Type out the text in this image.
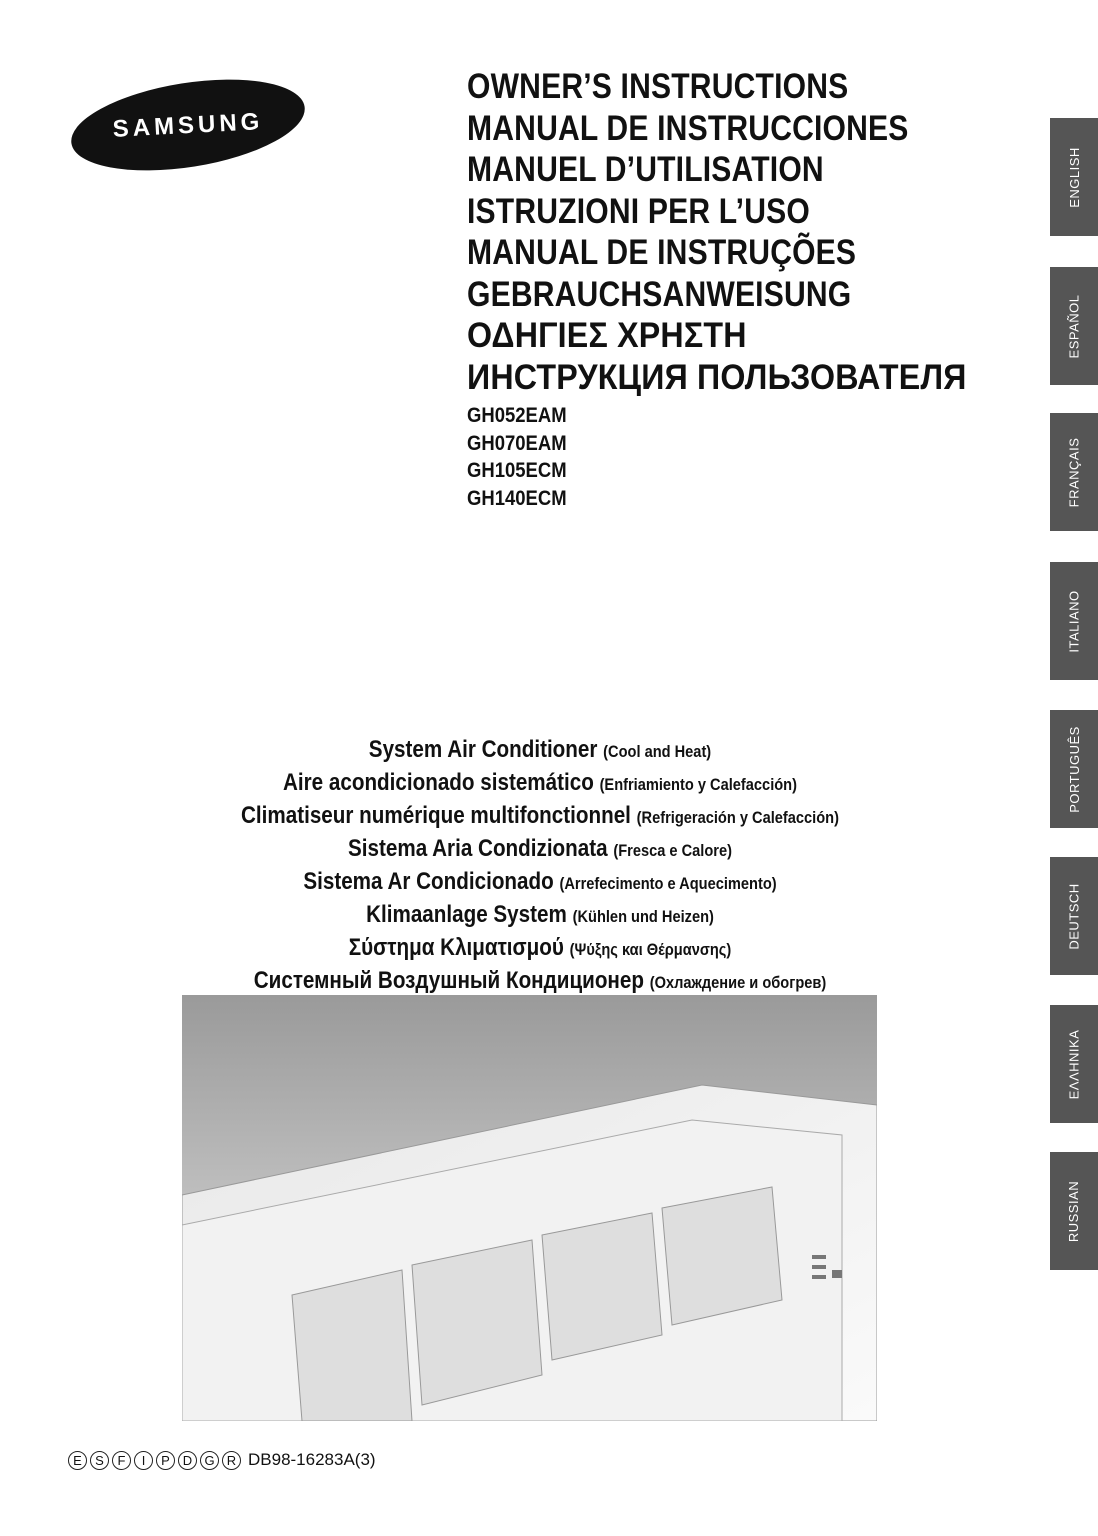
SAMSUNG
OWNER’S INSTRUCTIONS
MANUAL DE INSTRUCCIONES
MANUEL D’UTILISATION
ISTRUZIONI PER L’USO
MANUAL DE INSTRUÇÕES
GEBRAUCHSANWEISUNG
ΟΔΗΓΙΕΣ ΧΡΗΣΤΗ
ИНСТРУКЦИЯ ПОЛЬЗОВАТЕЛЯ
GH052EAM
GH070EAM
GH105ECM
GH140ECM
System Air Conditioner (Cool and Heat)
Aire acondicionado sistemático (Enfriamiento y Calefacción)
Climatiseur numérique multifonctionnel (Refrigeración y Calefacción)
Sistema Aria Condizionata (Fresca e Calore)
Sistema Ar Condicionado (Arrefecimento e Aquecimento)
Klimaanlage System (Kühlen und Heizen)
Σύστημα Κλιματισμού (Ψύξης και Θέρμανσης)
Системный Воздушный Кондиционер (Охлаждение и обогрев)
ENGLISH
ESPAÑOL
FRANÇAIS
ITALIANO
PORTUGUÊS
DEUTSCH
ΕΛΛΗΝΙΚΑ
RUSSIAN
E	S	F	I	P D G R DB98-16283A(3)
